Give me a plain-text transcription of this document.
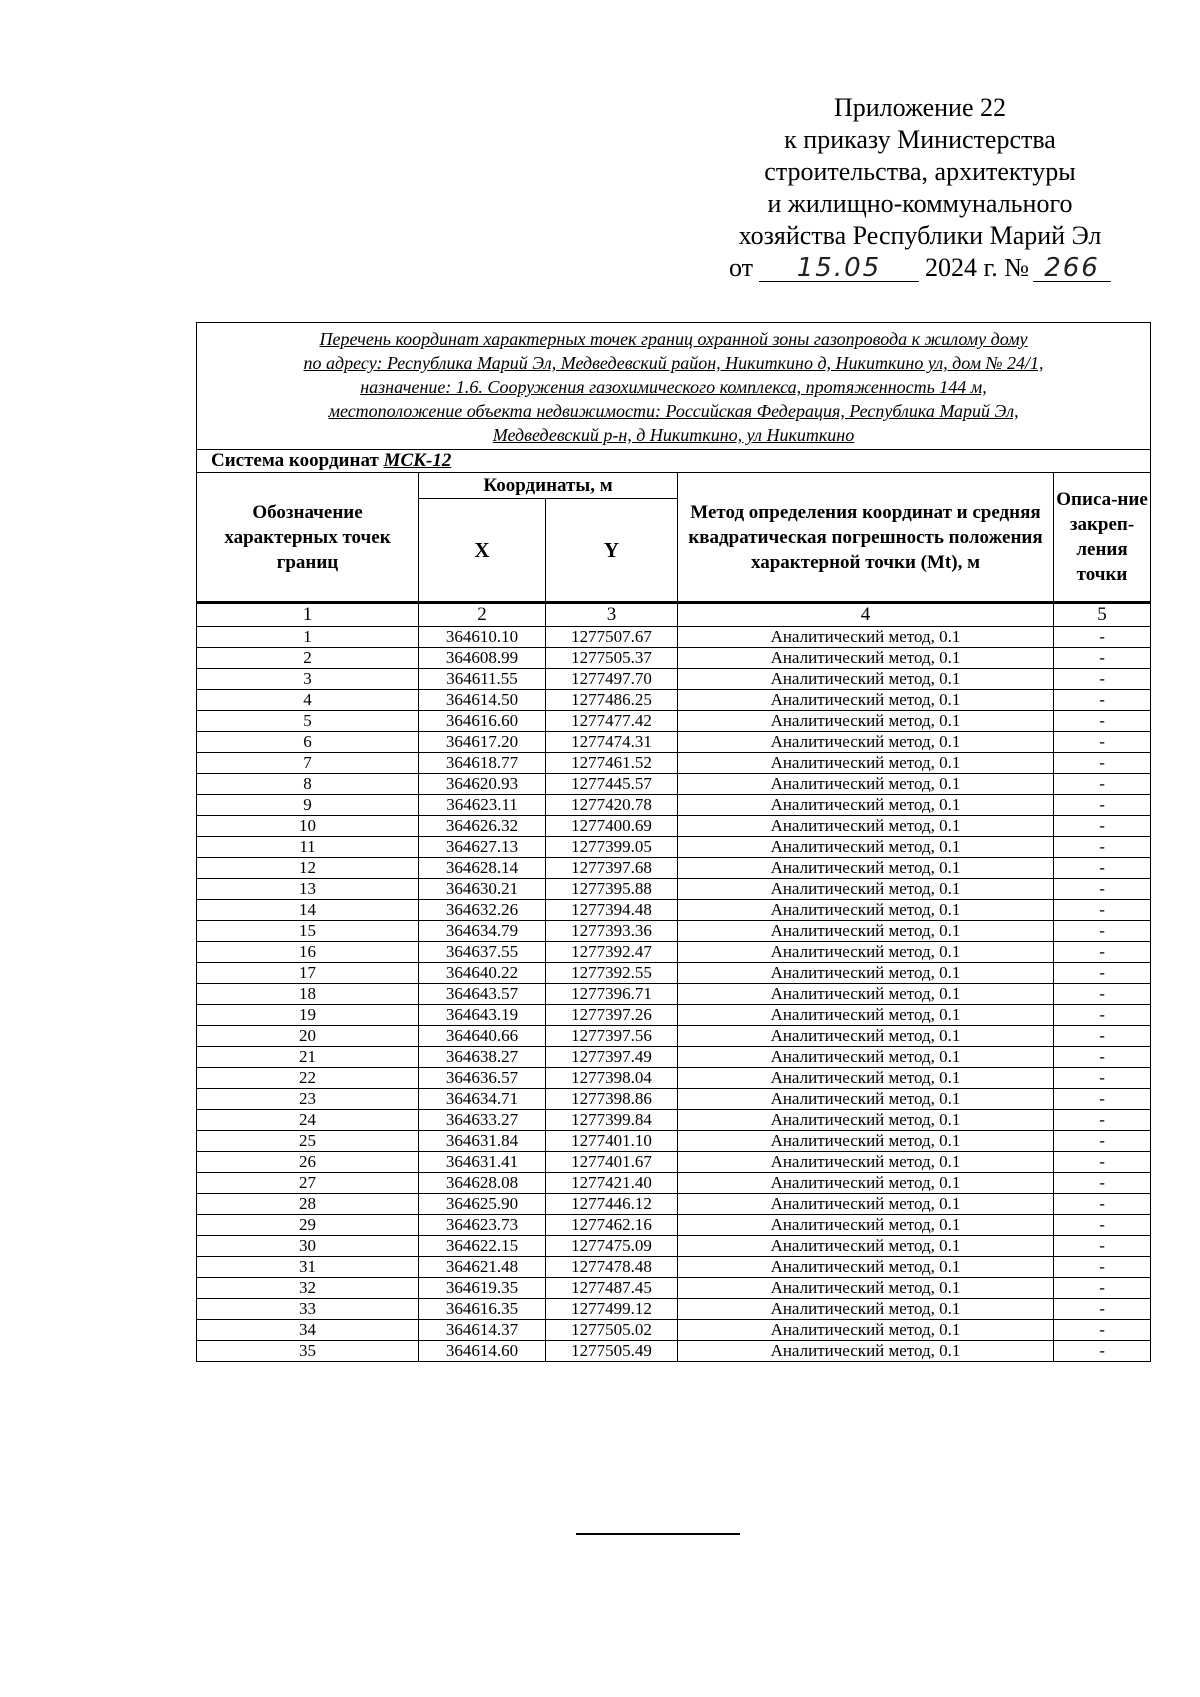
Приложение 22
к приказу Министерства
строительства, архитектуры
и жилищно-коммунального
хозяйства Республики Марий Эл
от 15.05 2024 г. № 266
Перечень координат характерных точек границ охранной зоны газопровода к жилому дому
по адресу: Республика Марий Эл, Медведевский район, Никиткино д, Никиткино ул, дом № 24/1,
назначение: 1.6. Сооружения газохимического комплекса, протяженность 144 м,
местоположение объекта недвижимости: Российская Федерация, Республика Марий Эл,
Медведевский р-н, д Никиткино, ул Никиткино				

Система координат МСК-12				
Обозначение характерных точек границ	Координаты, м		Метод определения координат и средняя квадратическая погрешность положения характерной точки (Mt), м	Описа-ние закреп-ления точки
	X	Y		
1	2	3	4	5
1	364610.10	1277507.67	Аналитический метод, 0.1	-
2	364608.99	1277505.37	Аналитический метод, 0.1	-
3	364611.55	1277497.70	Аналитический метод, 0.1	-
4	364614.50	1277486.25	Аналитический метод, 0.1	-
5	364616.60	1277477.42	Аналитический метод, 0.1	-
6	364617.20	1277474.31	Аналитический метод, 0.1	-
7	364618.77	1277461.52	Аналитический метод, 0.1	-
8	364620.93	1277445.57	Аналитический метод, 0.1	-
9	364623.11	1277420.78	Аналитический метод, 0.1	-
10	364626.32	1277400.69	Аналитический метод, 0.1	-
11	364627.13	1277399.05	Аналитический метод, 0.1	-
12	364628.14	1277397.68	Аналитический метод, 0.1	-
13	364630.21	1277395.88	Аналитический метод, 0.1	-
14	364632.26	1277394.48	Аналитический метод, 0.1	-
15	364634.79	1277393.36	Аналитический метод, 0.1	-
16	364637.55	1277392.47	Аналитический метод, 0.1	-
17	364640.22	1277392.55	Аналитический метод, 0.1	-
18	364643.57	1277396.71	Аналитический метод, 0.1	-
19	364643.19	1277397.26	Аналитический метод, 0.1	-
20	364640.66	1277397.56	Аналитический метод, 0.1	-
21	364638.27	1277397.49	Аналитический метод, 0.1	-
22	364636.57	1277398.04	Аналитический метод, 0.1	-
23	364634.71	1277398.86	Аналитический метод, 0.1	-
24	364633.27	1277399.84	Аналитический метод, 0.1	-
25	364631.84	1277401.10	Аналитический метод, 0.1	-
26	364631.41	1277401.67	Аналитический метод, 0.1	-
27	364628.08	1277421.40	Аналитический метод, 0.1	-
28	364625.90	1277446.12	Аналитический метод, 0.1	-
29	364623.73	1277462.16	Аналитический метод, 0.1	-
30	364622.15	1277475.09	Аналитический метод, 0.1	-
31	364621.48	1277478.48	Аналитический метод, 0.1	-
32	364619.35	1277487.45	Аналитический метод, 0.1	-
33	364616.35	1277499.12	Аналитический метод, 0.1	-
34	364614.37	1277505.02	Аналитический метод, 0.1	-
35	364614.60	1277505.49	Аналитический метод, 0.1	-
